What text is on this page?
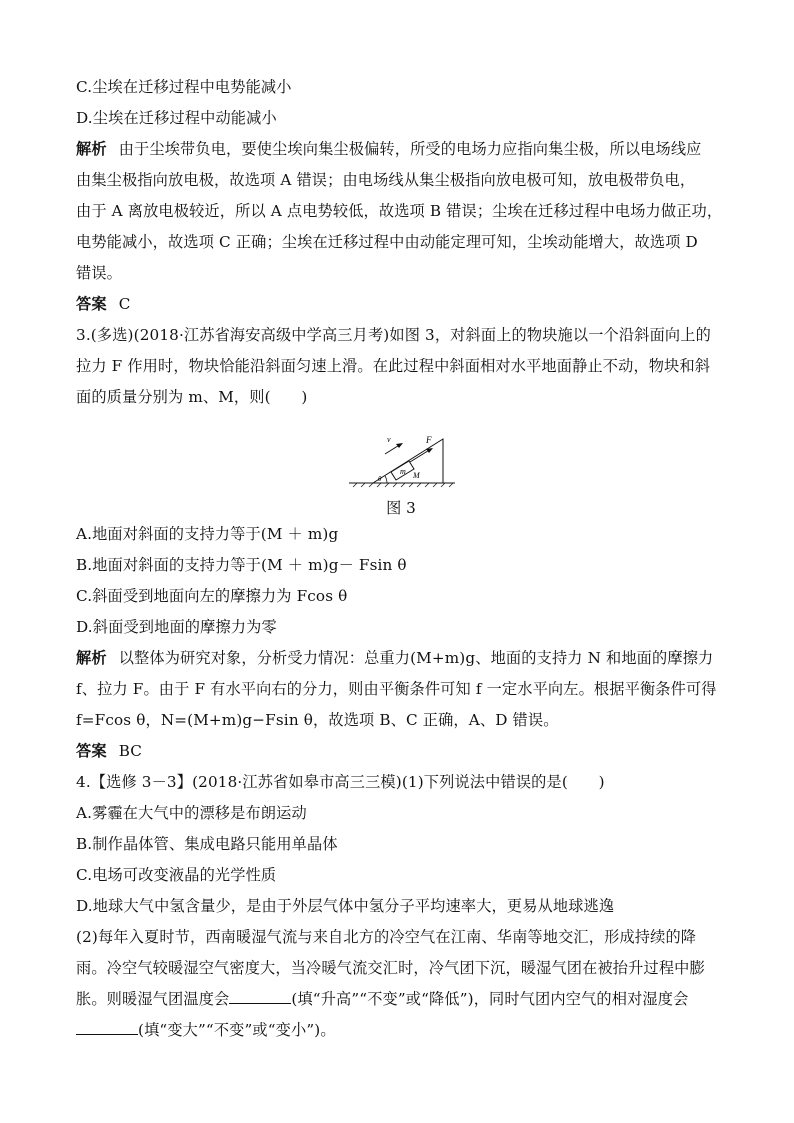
C.尘埃在迁移过程中电势能减小
D.尘埃在迁移过程中动能减小
解析 由于尘埃带负电，要使尘埃向集尘极偏转，所受的电场力应指向集尘极，所以电场线应
由集尘极指向放电极，故选项 A 错误；由电场线从集尘极指向放电极可知，放电极带负电，
由于 A 离放电极较近，所以 A 点电势较低，故选项 B 错误；尘埃在迁移过程中电场力做正功，
电势能减小，故选项 C 正确；尘埃在迁移过程中由动能定理可知，尘埃动能增大，故选项 D
错误。
答案 C
3.(多选)(2018·江苏省海安高级中学高三月考)如图 3，对斜面上的物块施以一个沿斜面向上的
拉力 F 作用时，物块恰能沿斜面匀速上滑。在此过程中斜面相对水平地面静止不动，物块和斜
面的质量分别为 m、M，则(　　)
v	F
m M
θ
图 3
A.地面对斜面的支持力等于(M ＋ m)g
B.地面对斜面的支持力等于(M ＋ m)g－ Fsin θ
C.斜面受到地面向左的摩擦力为 Fcos θ
D.斜面受到地面的摩擦力为零
解析 以整体为研究对象，分析受力情况：总重力(M+m)g、地面的支持力 N 和地面的摩擦力
f、拉力 F。由于 F 有水平向右的分力，则由平衡条件可知 f 一定水平向左。根据平衡条件可得
f=Fcos θ，N=(M+m)g−Fsin θ，故选项 B、C 正确，A、D 错误。
答案 BC
4.【选修 3－3】(2018·江苏省如皋市高三三模)(1)下列说法中错误的是(　　)
A.雾霾在大气中的漂移是布朗运动
B.制作晶体管、集成电路只能用单晶体
C.电场可改变液晶的光学性质
D.地球大气中氢含量少，是由于外层气体中氢分子平均速率大，更易从地球逃逸
(2)每年入夏时节，西南暖湿气流与来自北方的冷空气在江南、华南等地交汇，形成持续的降
雨。冷空气较暖湿空气密度大，当冷暖气流交汇时，冷气团下沉，暖湿气团在被抬升过程中膨
胀。则暖湿气团温度会	(填“升高”“不变”或“降低”)，同时气团内空气的相对湿度会
(填“变大”“不变”或“变小”)。
